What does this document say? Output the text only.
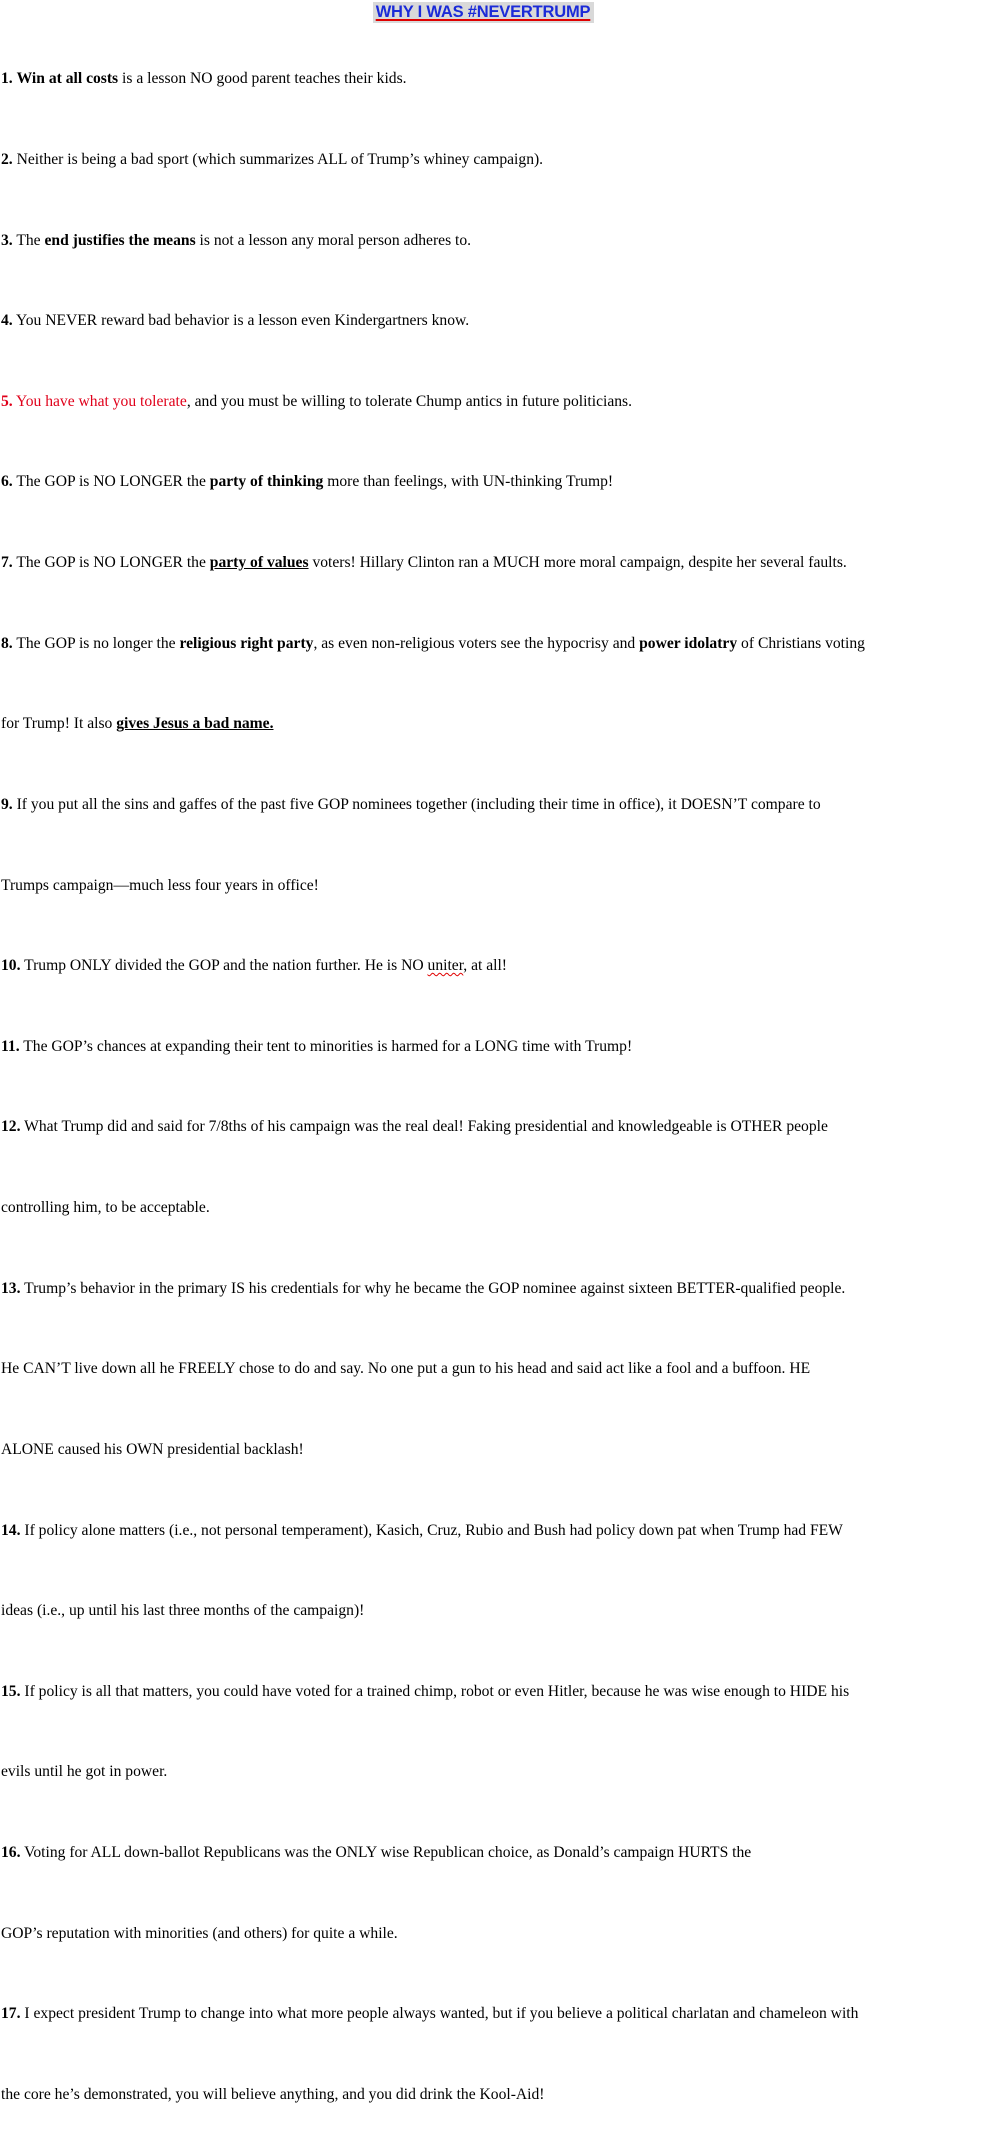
WHY I WAS #NEVERTRUMP

1. Win at all costs is a lesson NO good parent teaches their kids.

2. Neither is being a bad sport (which summarizes ALL of Trump’s whiney campaign).

3. The end justifies the means is not a lesson any moral person adheres to.

4. You NEVER reward bad behavior is a lesson even Kindergartners know.

5. You have what you tolerate, and you must be willing to tolerate Chump antics in future politicians.

6. The GOP is NO LONGER the party of thinking more than feelings, with UN-thinking Trump!

7. The GOP is NO LONGER the party of values voters! Hillary Clinton ran a MUCH more moral campaign, despite her several faults.

8. The GOP is no longer the religious right party, as even non-religious voters see the hypocrisy and power idolatry of Christians voting

for Trump! It also gives Jesus a bad name.

9. If you put all the sins and gaffes of the past five GOP nominees together (including their time in office), it DOESN’T compare to

Trumps campaign—much less four years in office!

10. Trump ONLY divided the GOP and the nation further. He is NO uniter, at all!

11. The GOP’s chances at expanding their tent to minorities is harmed for a LONG time with Trump!

12. What Trump did and said for 7/8ths of his campaign was the real deal! Faking presidential and knowledgeable is OTHER people

controlling him, to be acceptable.

13. Trump’s behavior in the primary IS his credentials for why he became the GOP nominee against sixteen BETTER-qualified people.

He CAN’T live down all he FREELY chose to do and say. No one put a gun to his head and said act like a fool and a buffoon. HE

ALONE caused his OWN presidential backlash!

14. If policy alone matters (i.e., not personal temperament), Kasich, Cruz, Rubio and Bush had policy down pat when Trump had FEW

ideas (i.e., up until his last three months of the campaign)!

15. If policy is all that matters, you could have voted for a trained chimp, robot or even Hitler, because he was wise enough to HIDE his

evils until he got in power.

16. Voting for ALL down-ballot Republicans was the ONLY wise Republican choice, as Donald’s campaign HURTS the

GOP’s reputation with minorities (and others) for quite a while.

17. I expect president Trump to change into what more people always wanted, but if you believe a political charlatan and chameleon with

the core he’s demonstrated, you will believe anything, and you did drink the Kool-Aid!
